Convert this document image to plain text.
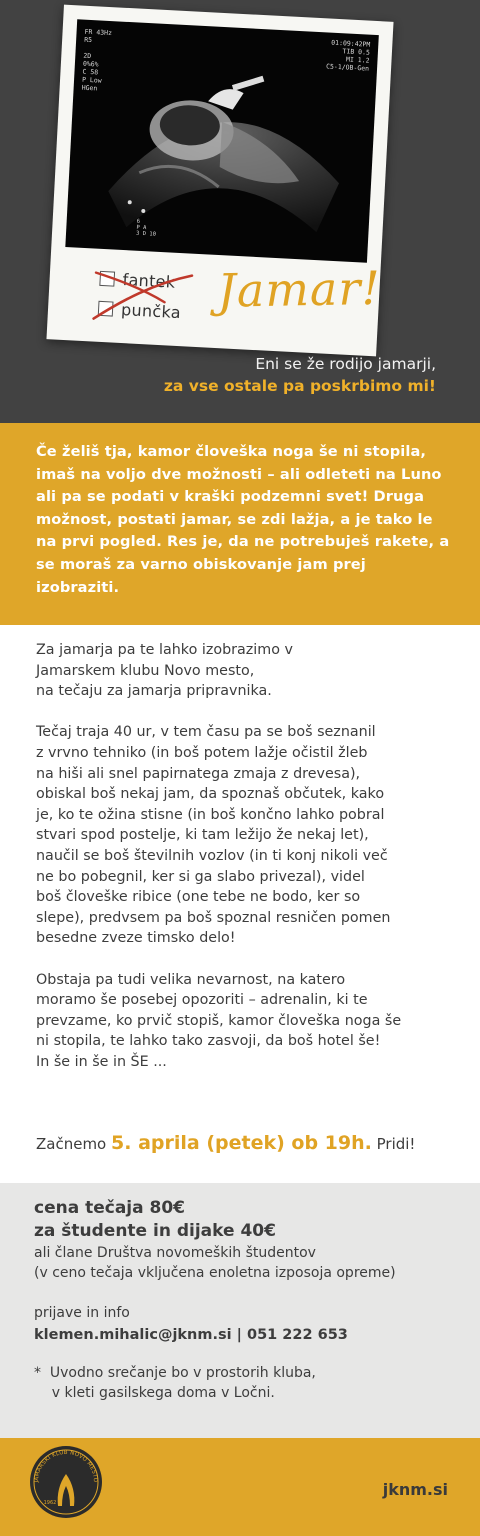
FR 43Hz
R5

2D
0%6%
C 58
P Low
HGen
01:09:42PM
TIB 0.5
MI 1.2
C5-1/OB-Gen
6
P A
3 D 10
fantek
punčka Jamar!
Eni se že rodijo jamarji,
za vse ostale pa poskrbimo mi!

Če želiš tja, kamor človeška noga še ni stopila, imaš na voljo dve možnosti – ali odleteti na Luno ali pa se podati v kraški podzemni svet! Druga možnost, postati jamar, se zdi lažja, a je tako le na prvi pogled. Res je, da ne potrebuješ rakete, a se moraš za varno obiskovanje jam prej izobraziti.

Za jamarja pa te lahko izobrazimo v
Jamarskem klubu Novo mesto,
na tečaju za jamarja pripravnika.

Tečaj traja 40 ur, v tem času pa se boš seznanil
z vrvno tehniko (in boš potem lažje očistil žleb
na hiši ali snel papirnatega zmaja z drevesa),
obiskal boš nekaj jam, da spoznaš občutek, kako
je, ko te ožina stisne (in boš končno lahko pobral
stvari spod postelje, ki tam ležijo že nekaj let),
naučil se boš številnih vozlov (in ti konj nikoli več
ne bo pobegnil, ker si ga slabo privezal), videl
boš človeške ribice (one tebe ne bodo, ker so
slepe), predvsem pa boš spoznal resničen pomen
besedne zveze timsko delo!

Obstaja pa tudi velika nevarnost, na katero
moramo še posebej opozoriti – adrenalin, ki te
prevzame, ko prvič stopiš, kamor človeška noga še
ni stopila, te lahko tako zasvoji, da boš hotel še!
In še in še in ŠE ...

Začnemo 5. aprila (petek) ob 19h. Pridi!
cena tečaja 80€
za študente in dijake 40€
ali člane Društva novomeških študentov
(v ceno tečaja vključena enoletna izposoja opreme)
prijave in info
klemen.mihalic@jknm.si | 051 222 653
*  Uvodno srečanje bo v prostorih kluba,
v kleti gasilskega doma v Ločni.
JAMARSKI KLUB NOVO MESTO
1962
jknm.si
